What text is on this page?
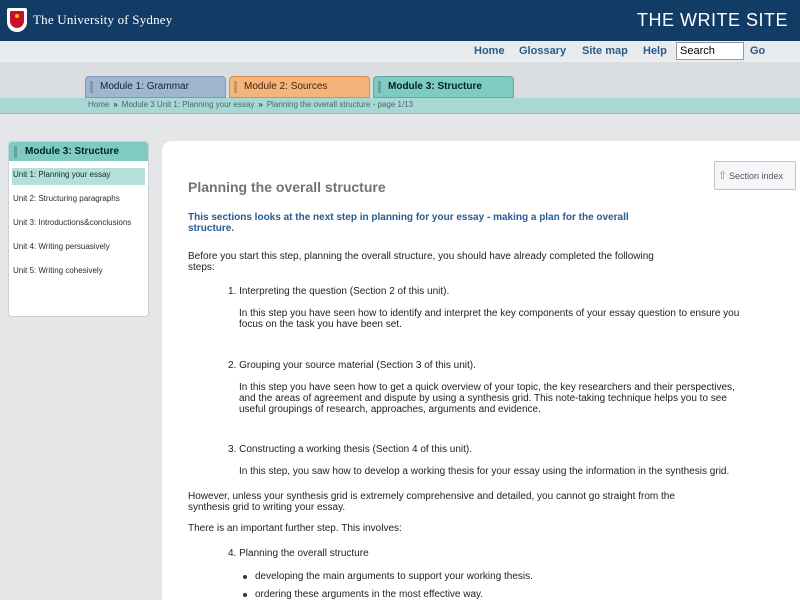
The University of Sydney	THE WRITE SITE
Home Glossary Site map Help
Search	Go
Module 1: Grammar	Module 2: Sources	Module 3: Structure
Home » Module 3 Unit 1: Planning your essay » Planning the overall structure - page 1/13
Module 3: Structure
Unit 1: Planning your essay
Unit 2: Structuring paragraphs
Unit 3: Introductions&conclusions
Unit 4: Writing persuasively
Unit 5: Writing cohesively
⇧ Section index
Planning the overall structure
This sections looks at the next step in planning for your essay - making a plan for the overall structure.
Before you start this step, planning the overall structure, you should have already completed the following steps:
1. Interpreting the question (Section 2 of this unit).
In this step you have seen how to identify and interpret the key components of your essay question to ensure you focus on the task you have been set.
2. Grouping your source material (Section 3 of this unit).
In this step you have seen how to get a quick overview of your topic, the key researchers and their perspectives, and the areas of agreement and dispute by using a synthesis grid. This note-taking technique helps you to see useful groupings of research, approaches, arguments and evidence.
3. Constructing a working thesis (Section 4 of this unit).
In this step, you saw how to develop a working thesis for your essay using the information in the synthesis grid.
However, unless your synthesis grid is extremely comprehensive and detailed, you cannot go straight from the synthesis grid to writing your essay.
There is an important further step. This involves:
4. Planning the overall structure
developing the main arguments to support your working thesis.
ordering these arguments in the most effective way.
